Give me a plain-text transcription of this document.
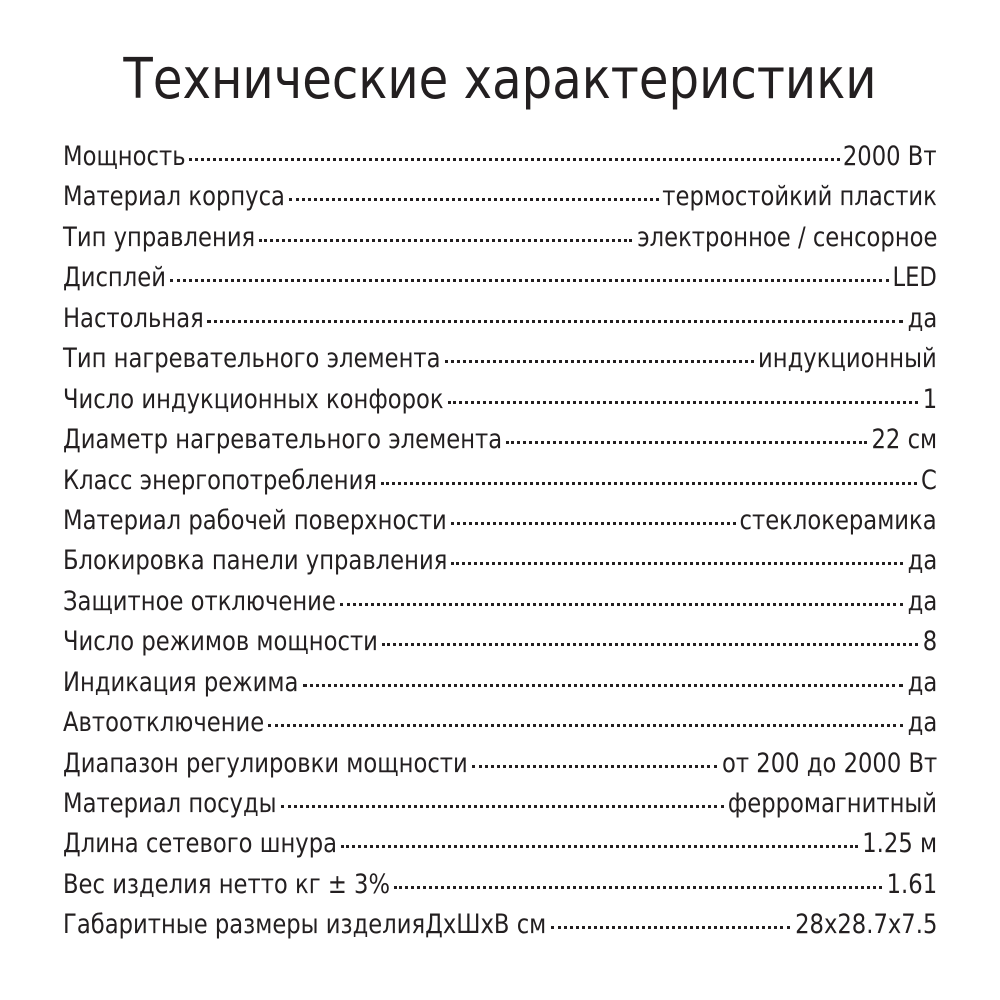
Технические характеристики
Мощность	2000 Вт
Материал корпуса	термостойкий пластик
Тип управления	электронное / сенсорное
Дисплей	LED
Настольная	да
Тип нагревательного элемента	индукционный
Число индукционных конфорок	1
Диаметр нагревательного элемента	22 см
Класс энергопотребления	С
Материал рабочей поверхности	стеклокерамика
Блокировка панели управления	да
Защитное отключение	да
Число режимов мощности	8
Индикация режима	да
Автоотключение	да
Диапазон регулировки мощности	от 200 до 2000 Вт
Материал посуды	ферромагнитный
Длина сетевого шнура	1.25 м
Вес изделия нетто кг ± 3%	1.61
Габаритные размеры изделияДхШхВ см	28x28.7x7.5
